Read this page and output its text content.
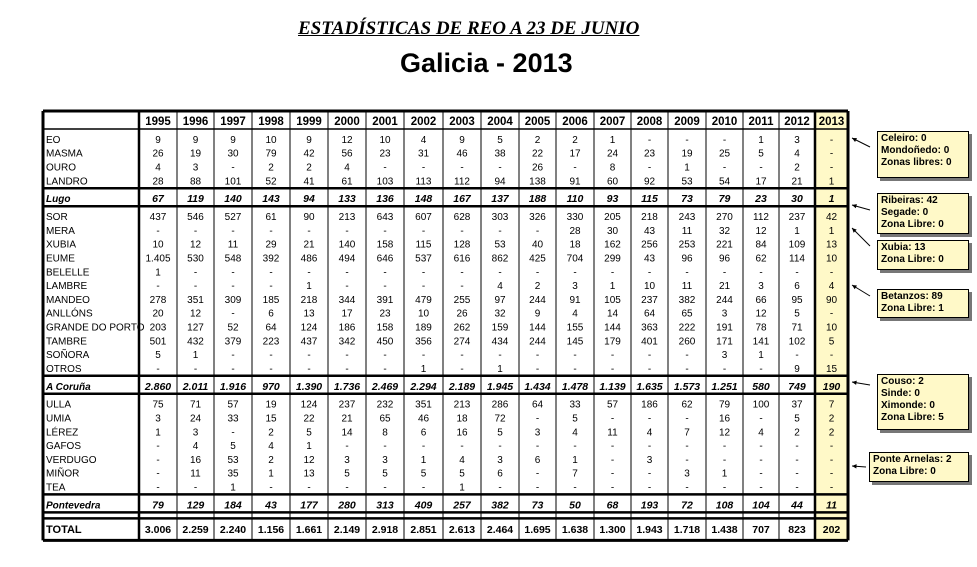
ESTADÍSTICAS DE REO A 23 DE JUNIO
Galicia - 2013
1995 1996 1997 1998 1999 2000 2001 2002 2003 2004 2005 2006 2007 2008 2009 2010 2011 2012 2013
EO	9	9	9	10	9	12	10	4	9	5	2	2	1	-	-	-	1	3	-
MASMA	26	19	30	79	42	56	23	31	46	38	22	17	24	23	19	25	5	4	-
OURO	4	3	-	2	2	4	-	-	-	-	26	-	8	-	1	-	-	2	-
LANDRO	28	88 101 52	41	61 103 113 112 94 138 91	60	92	53	54	17 21	1
Lugo	67 119 140 143 94 133 136 148 167 137 188 110 93 115 73 79 23 30 1
SOR	437 546 527 61	90 213 643 607 628 303 326 330 205 218 243 270 112 237 42
MERA	-	-	-	-	-	-	-	-	-	-	-	28	30	43	11	32	12	1	1
XUBIA	10	12	11	29	21 140 158 115 128 53	40	18 162 256 253 221 84 109 13
EUME	1.405 530 548 392 486 494 646 537 616 862 425 704 299 43	96	96	62 114 10
BELELLE	1	-	-	-	-	-	-	-	-	-	-	-	-	-	-	-	-	-	-
LAMBRE	-	-	-	-	1	-	-	-	-	4	2	3	1	10	11	21	3	6	4
MANDEO	278 351 309 185 218 344 391 479 255 97 244 91 105 237 382 244 66 95 90
ANLLÓNS	20	12	-	6	13	17	23	10	26	32	9	4	14	64	65	3	12	5	-
GRANDE DO PORTO 203 127 52	64 124 186 158 189 262 159 144 155 144 363 222 191 78 71 10
TAMBRE	501 432 379 223 437 342 450 356 274 434 244 145 179 401 260 171 141 102 5
SOÑORA	5	1	-	-	-	-	-	-	-	-	-	-	-	-	-	3	1	-	-
OTROS	-	-	-	-	-	-	-	1	-	1	-	-	-	-	-	-	-	9	15
A Coruña	2.860 2.011 1.916 970 1.390 1.736 2.469 2.294 2.189 1.945 1.434 1.478 1.139 1.635 1.573 1.251 580 749 190
ULLA	75	71	57	19 124 237 232 351 213 286 64	33	57 186 62	79 100 37	7
UMIA	3	24	33	15	22	21	65	46	18	72	-	5	-	-	-	16	-	5	2
LÉREZ	1	3	-	2	5	14	8	6	16	5	3	4	11	4	7	12	4	2	2
GAFOS	-	4	5	4	1	-	-	-	-	-	-	-	-	-	-	-	-	-	-
VERDUGO	-	16	53	2	12	3	3	1	4	3	6	1	-	3	-	-	-	-	-
MIÑOR	-	11	35	1	13	5	5	5	5	6	-	7	-	-	3	1	-	-	-
TEA	-	-	1	-	-	-	-	-	1	-	-	-	-	-	-	-	-	-	-
Pontevedra	79 129 184 43 177 280 313 409 257 382 73 50 68 193 72 108 104 44 11
TOTAL	3.006 2.259 2.240 1.156 1.661 2.149 2.918 2.851 2.613 2.464 1.695 1.638 1.300 1.943 1.718 1.438 707 823 202
Celeiro: 0
Mondoñedo: 0
Zonas libres: 0
Ribeiras: 42
Segade: 0
Zona Libre: 0
Xubia: 13
Zona Libre: 0
Betanzos: 89
Zona Libre: 1
Couso: 2
Sinde: 0
Ximonde: 0
Zona Libre: 5
Ponte Arnelas: 2
Zona Libre: 0
